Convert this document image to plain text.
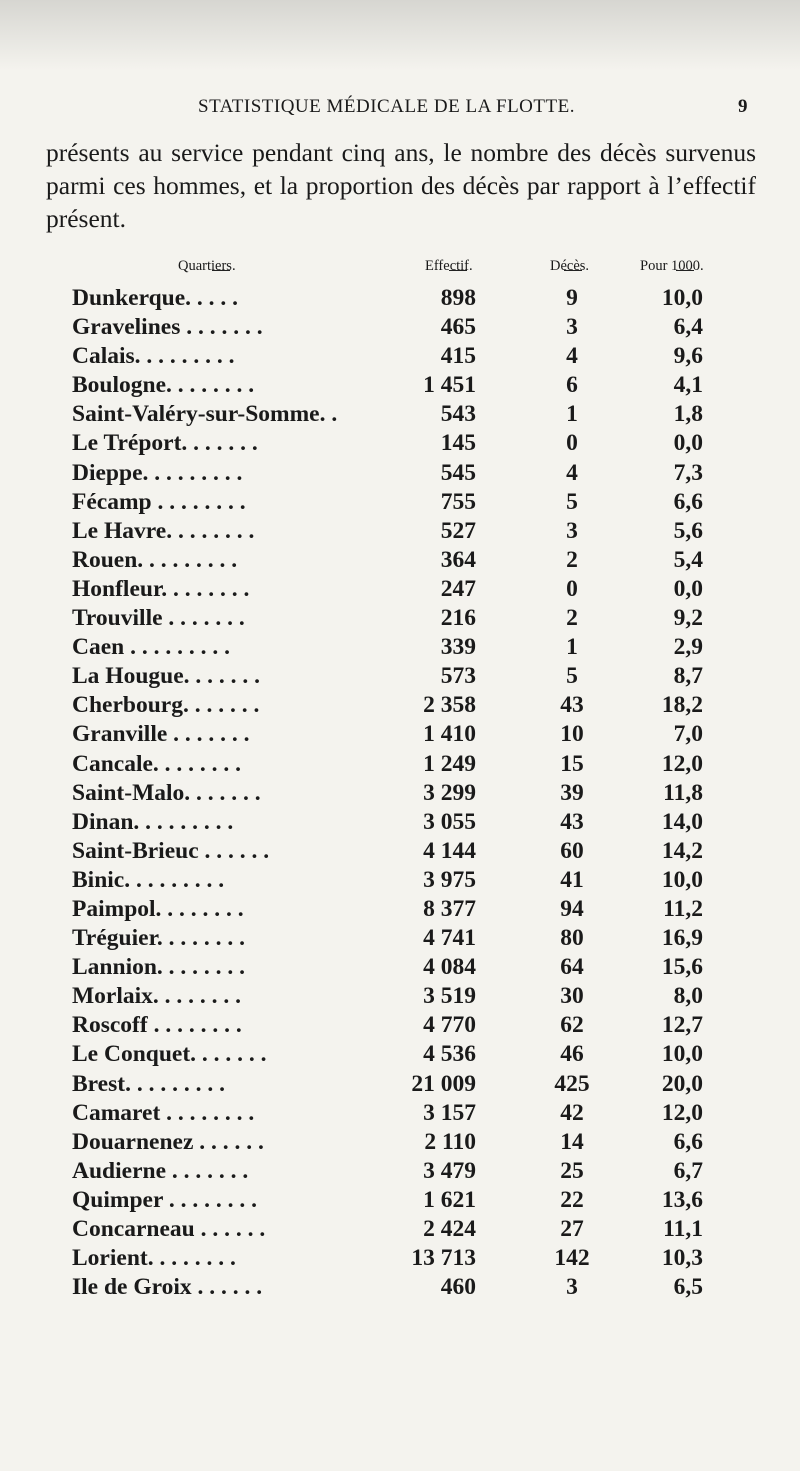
STATISTIQUE MÉDICALE DE LA FLOTTE.	9

présents au service pendant cinq ans, le nombre des décès survenus parmi ces hommes, et la proportion des décès par rapport à l’effectif présent.

Quartiers.	Effectif.	Décès.	Pour 1000.
Dunkerque. . . . .	898	9	10,0
Gravelines . . . . . . .	465	3	6,4
Calais. . . . . . . . .	415	4	9,6
Boulogne. . . . . . . .	1 451	6	4,1
Saint-Valéry-sur-Somme. .	543	1	1,8
Le Tréport. . . . . . .	145	0	0,0
Dieppe. . . . . . . . .	545	4	7,3
Fécamp . . . . . . . .	755	5	6,6
Le Havre. . . . . . . .	527	3	5,6
Rouen. . . . . . . . .	364	2	5,4
Honfleur. . . . . . . .	247	0	0,0
Trouville . . . . . . .	216	2	9,2
Caen . . . . . . . . .	339	1	2,9
La Hougue. . . . . . .	573	5	8,7
Cherbourg. . . . . . .	2 358	43	18,2
Granville . . . . . . .	1 410	10	7,0
Cancale. . . . . . . .	1 249	15	12,0
Saint-Malo. . . . . . .	3 299	39	11,8
Dinan. . . . . . . . .	3 055	43	14,0
Saint-Brieuc . . . . . .	4 144	60	14,2
Binic. . . . . . . . .	3 975	41	10,0
Paimpol. . . . . . . .	8 377	94	11,2
Tréguier. . . . . . . .	4 741	80	16,9
Lannion. . . . . . . .	4 084	64	15,6
Morlaix. . . . . . . .	3 519	30	8,0
Roscoff . . . . . . . .	4 770	62	12,7
Le Conquet. . . . . . .	4 536	46	10,0
Brest. . . . . . . . .	21 009	425	20,0
Camaret . . . . . . . .	3 157	42	12,0
Douarnenez . . . . . .	2 110	14	6,6
Audierne . . . . . . .	3 479	25	6,7
Quimper . . . . . . . .	1 621	22	13,6
Concarneau . . . . . .	2 424	27	11,1
Lorient. . . . . . . .	13 713	142	10,3
Ile de Groix . . . . . .	460	3	6,5
